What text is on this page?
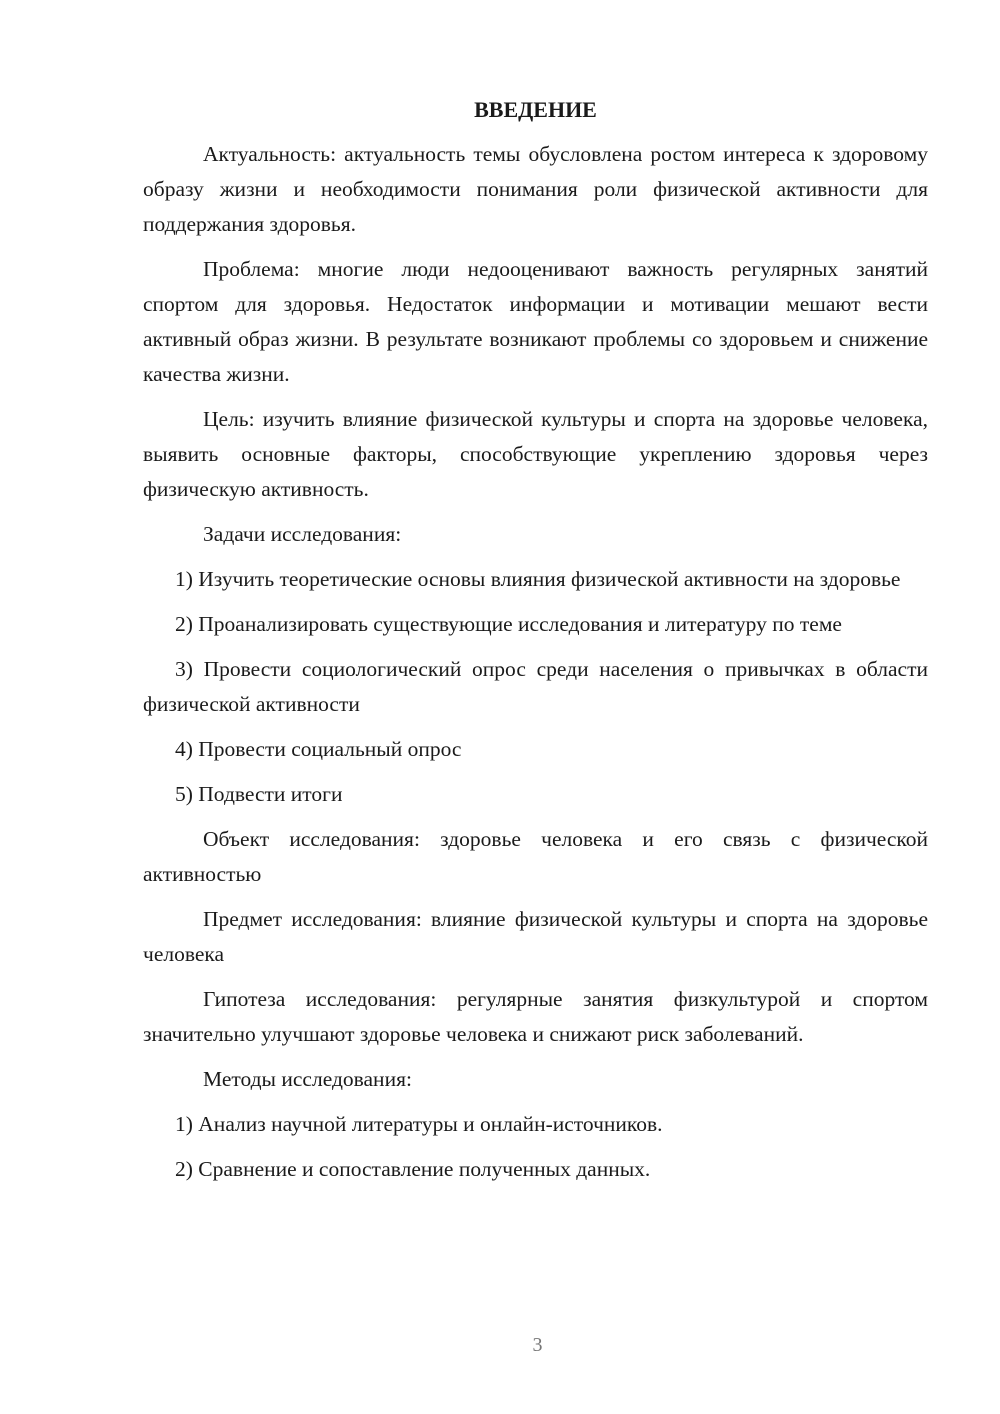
ВВЕДЕНИЕ

Актуальность: актуальность темы обусловлена ростом интереса к здоровому образу жизни и необходимости понимания роли физической активности для поддержания здоровья.

Проблема: многие люди недооценивают важность регулярных занятий спортом для здоровья. Недостаток информации и мотивации мешают вести активный образ жизни. В результате возникают проблемы со здоровьем и снижение качества жизни.

Цель: изучить влияние физической культуры и спорта на здоровье человека, выявить основные факторы, способствующие укреплению здоровья через физическую активность.

Задачи исследования:

1) Изучить теоретические основы влияния физической активности на здоровье

2) Проанализировать существующие исследования и литературу по теме

3) Провести социологический опрос среди населения о привычках в области физической активности

4) Провести социальный опрос

5) Подвести итоги

Объект исследования: здоровье человека и его связь с физической активностью

Предмет исследования: влияние физической культуры и спорта на здоровье человека

Гипотеза исследования: регулярные занятия физкультурой и спортом значительно улучшают здоровье человека и снижают риск заболеваний.

Методы исследования:

1) Анализ научной литературы и онлайн-источников.

2) Сравнение и сопоставление полученных данных.

3
